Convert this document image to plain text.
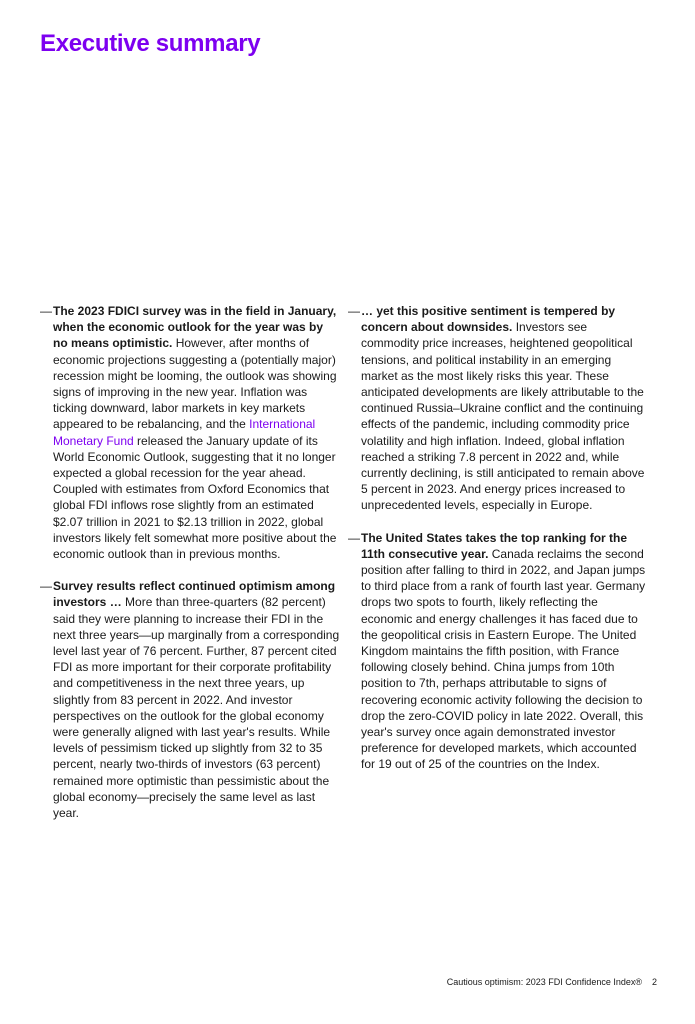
Executive summary

— The 2023 FDICI survey was in the field in January, when the economic outlook for the year was by no means optimistic. However, after months of economic projections suggesting a (potentially major) recession might be looming, the outlook was showing signs of improving in the new year. Inflation was ticking downward, labor markets in key markets appeared to be rebalancing, and the International Monetary Fund released the January update of its World Economic Outlook, suggesting that it no longer expected a global recession for the year ahead. Coupled with estimates from Oxford Economics that global FDI inflows rose slightly from an estimated $2.07 trillion in 2021 to $2.13 trillion in 2022, global investors likely felt somewhat more positive about the economic outlook than in previous months.

— Survey results reflect continued optimism among investors … More than three-quarters (82 percent) said they were planning to increase their FDI in the next three years—up marginally from a corresponding level last year of 76 percent. Further, 87 percent cited FDI as more important for their corporate profitability and competitiveness in the next three years, up slightly from 83 percent in 2022. And investor perspectives on the outlook for the global economy were generally aligned with last year's results. While levels of pessimism ticked up slightly from 32 to 35 percent, nearly two-thirds of investors (63 percent) remained more optimistic than pessimistic about the global economy—precisely the same level as last year.

— … yet this positive sentiment is tempered by concern about downsides. Investors see commodity price increases, heightened geopolitical tensions, and political instability in an emerging market as the most likely risks this year. These anticipated developments are likely attributable to the continued Russia–Ukraine conflict and the continuing effects of the pandemic, including commodity price volatility and high inflation. Indeed, global inflation reached a striking 7.8 percent in 2022 and, while currently declining, is still anticipated to remain above 5 percent in 2023. And energy prices increased to unprecedented levels, especially in Europe.

— The United States takes the top ranking for the 11th consecutive year. Canada reclaims the second position after falling to third in 2022, and Japan jumps to third place from a rank of fourth last year. Germany drops two spots to fourth, likely reflecting the economic and energy challenges it has faced due to the geopolitical crisis in Eastern Europe. The United Kingdom maintains the fifth position, with France following closely behind. China jumps from 10th position to 7th, perhaps attributable to signs of recovering economic activity following the decision to drop the zero-COVID policy in late 2022. Overall, this year's survey once again demonstrated investor preference for developed markets, which accounted for 19 out of 25 of the countries on the Index.

Cautious optimism: 2023 FDI Confidence Index® 2
